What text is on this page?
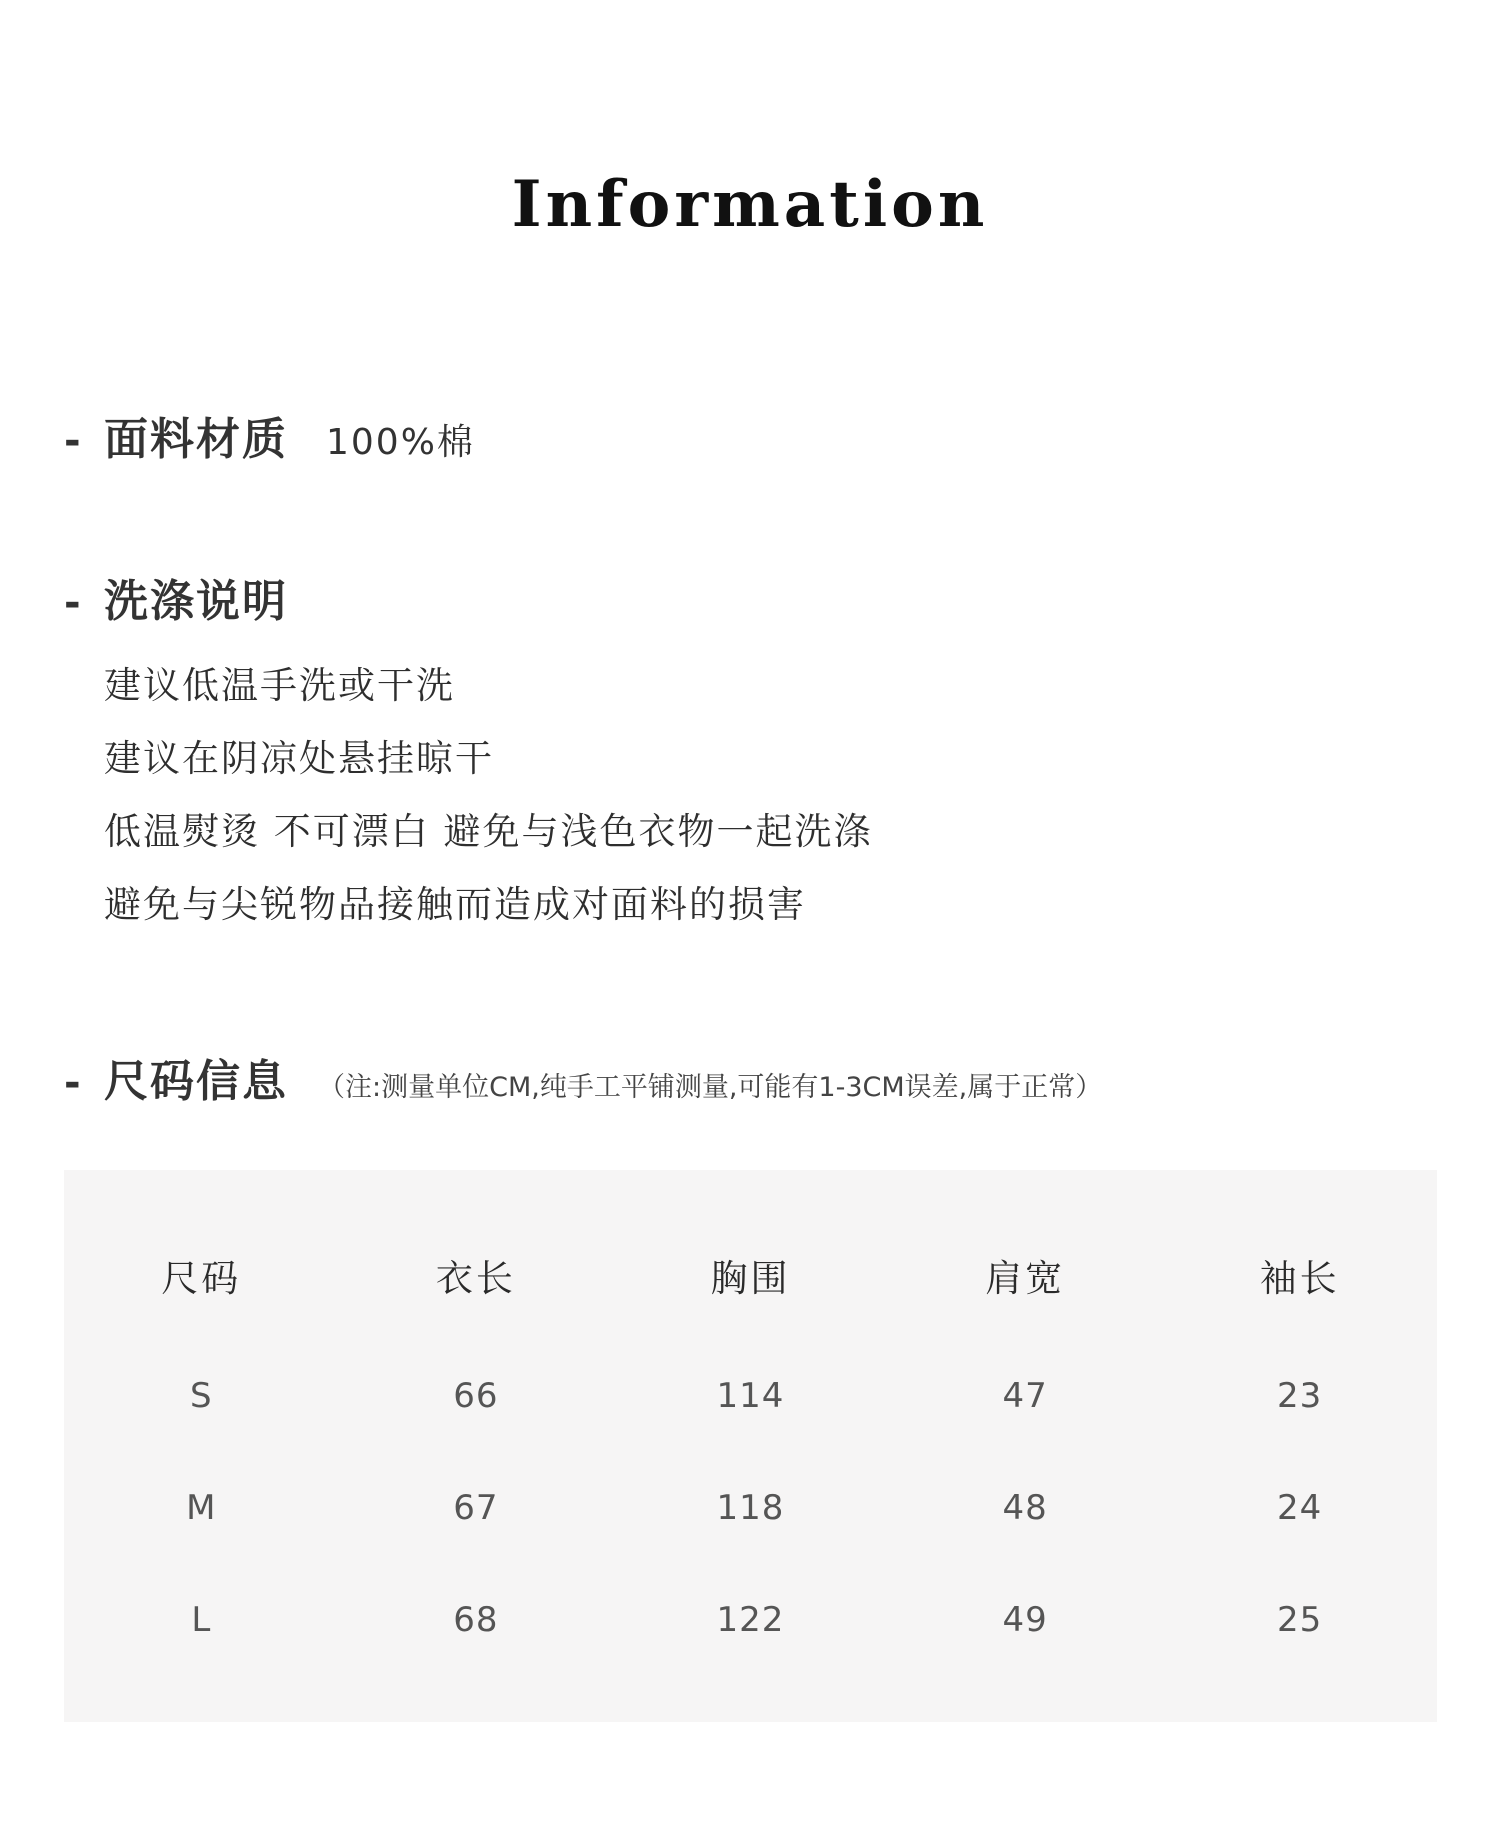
Information
- 面料材质 100%棉
- 洗涤说明
建议低温手洗或干洗
建议在阴凉处悬挂晾干
低温熨烫 不可漂白 避免与浅色衣物一起洗涤
避免与尖锐物品接触而造成对面料的损害
- 尺码信息 （注:测量单位CM,纯手工平铺测量,可能有1-3CM误差,属于正常）
尺码	衣长	胸围	肩宽	袖长
S	66	114	47	23
M	67	118	48	24
L	68	122	49	25
